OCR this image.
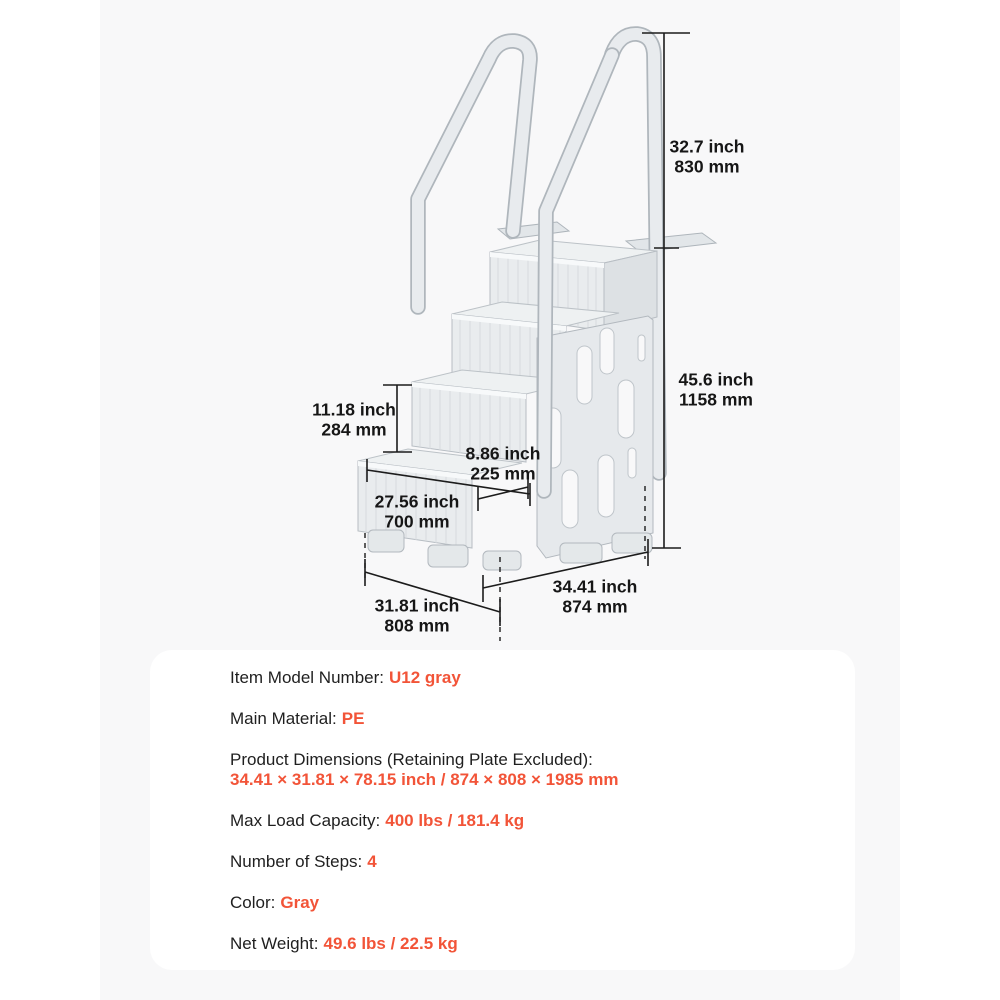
32.7 inch
830 mm
45.6 inch
1158 mm
11.18 inch
284 mm
8.86 inch
225 mm
27.56 inch
700 mm
31.81 inch
808 mm
34.41 inch
874 mm
Item Model Number: U12 gray
Main Material: PE
Product Dimensions (Retaining Plate Excluded):
34.41 × 31.81 × 78.15 inch / 874 × 808 × 1985 mm
Max Load Capacity: 400 lbs / 181.4 kg
Number of Steps: 4
Color: Gray
Net Weight: 49.6 lbs / 22.5 kg
